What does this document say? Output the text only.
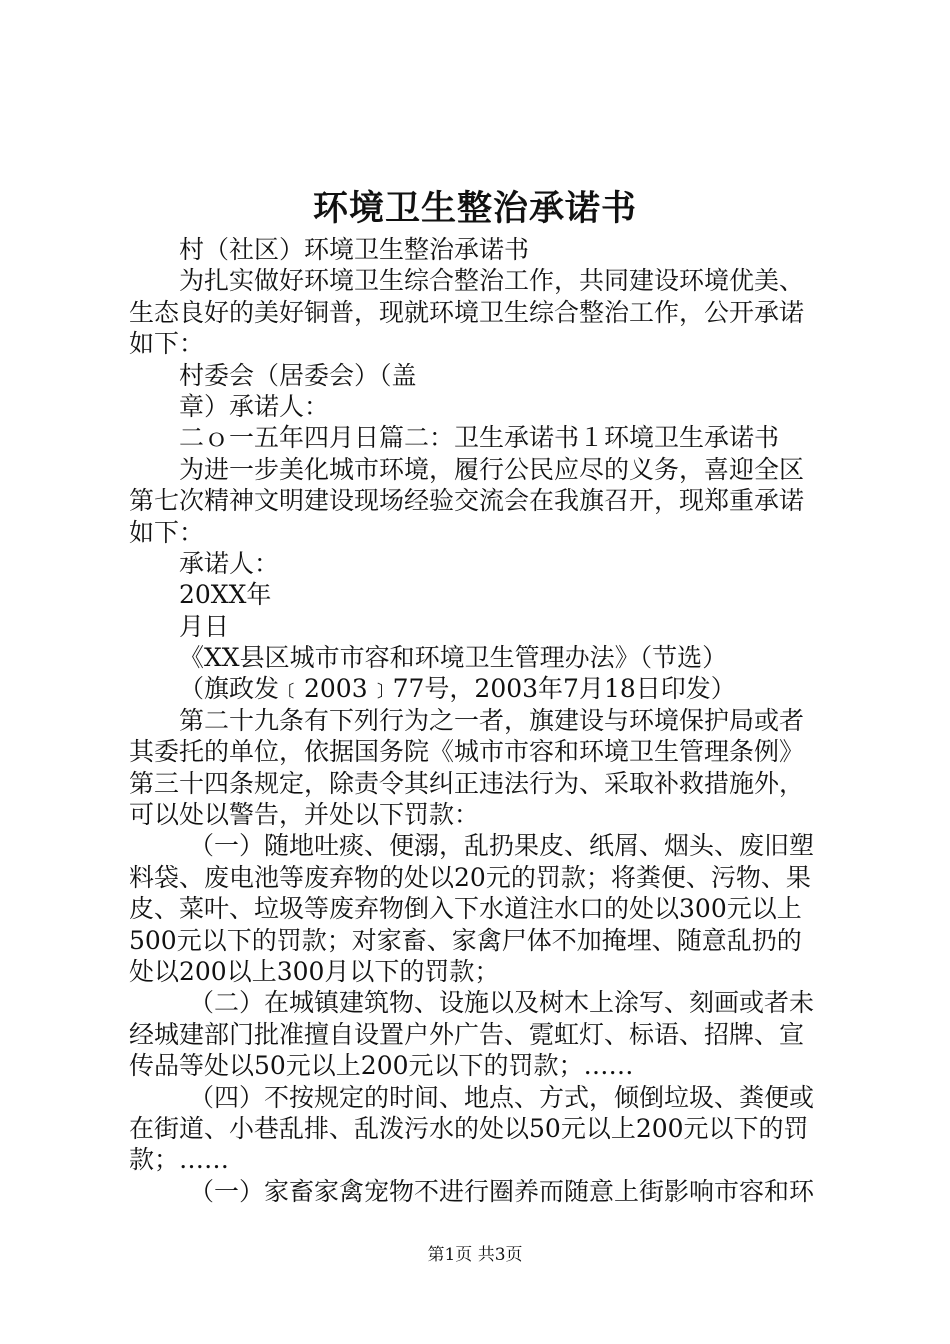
环境卫生整治承诺书
村（社区）环境卫生整治承诺书
为扎实做好环境卫生综合整治工作，共同建设环境优美、
生态良好的美好铜普，现就环境卫生综合整治工作，公开承诺
如下：
村委会（居委会）（盖
章）承诺人：
二ｏ一五年四月日篇二：卫生承诺书１环境卫生承诺书
为进一步美化城市环境，履行公民应尽的义务，喜迎全区
第七次精神文明建设现场经验交流会在我旗召开，现郑重承诺
如下：
承诺人：
20XX年
月日
《XX县区城市市容和环境卫生管理办法》（节选）
（旗政发﹝2003﹞77号，2003年7月18日印发）
第二十九条有下列行为之一者，旗建设与环境保护局或者
其委托的单位，依据国务院《城市市容和环境卫生管理条例》
第三十四条规定，除责令其纠正违法行为、采取补救措施外，
可以处以警告，并处以下罚款：
（一）随地吐痰、便溺，乱扔果皮、纸屑、烟头、废旧塑
料袋、废电池等废弃物的处以20元的罚款；将粪便、污物、果
皮、菜叶、垃圾等废弃物倒入下水道注水口的处以300元以上
500元以下的罚款；对家畜、家禽尸体不加掩埋、随意乱扔的
处以200以上300月以下的罚款；
（二）在城镇建筑物、设施以及树木上涂写、刻画或者未
经城建部门批准擅自设置户外广告、霓虹灯、标语、招牌、宣
传品等处以50元以上200元以下的罚款；……
（四）不按规定的时间、地点、方式，倾倒垃圾、粪便或
在街道、小巷乱排、乱泼污水的处以50元以上200元以下的罚
款；……
（一）家畜家禽宠物不进行圈养而随意上街影响市容和环
第1页 共3页
